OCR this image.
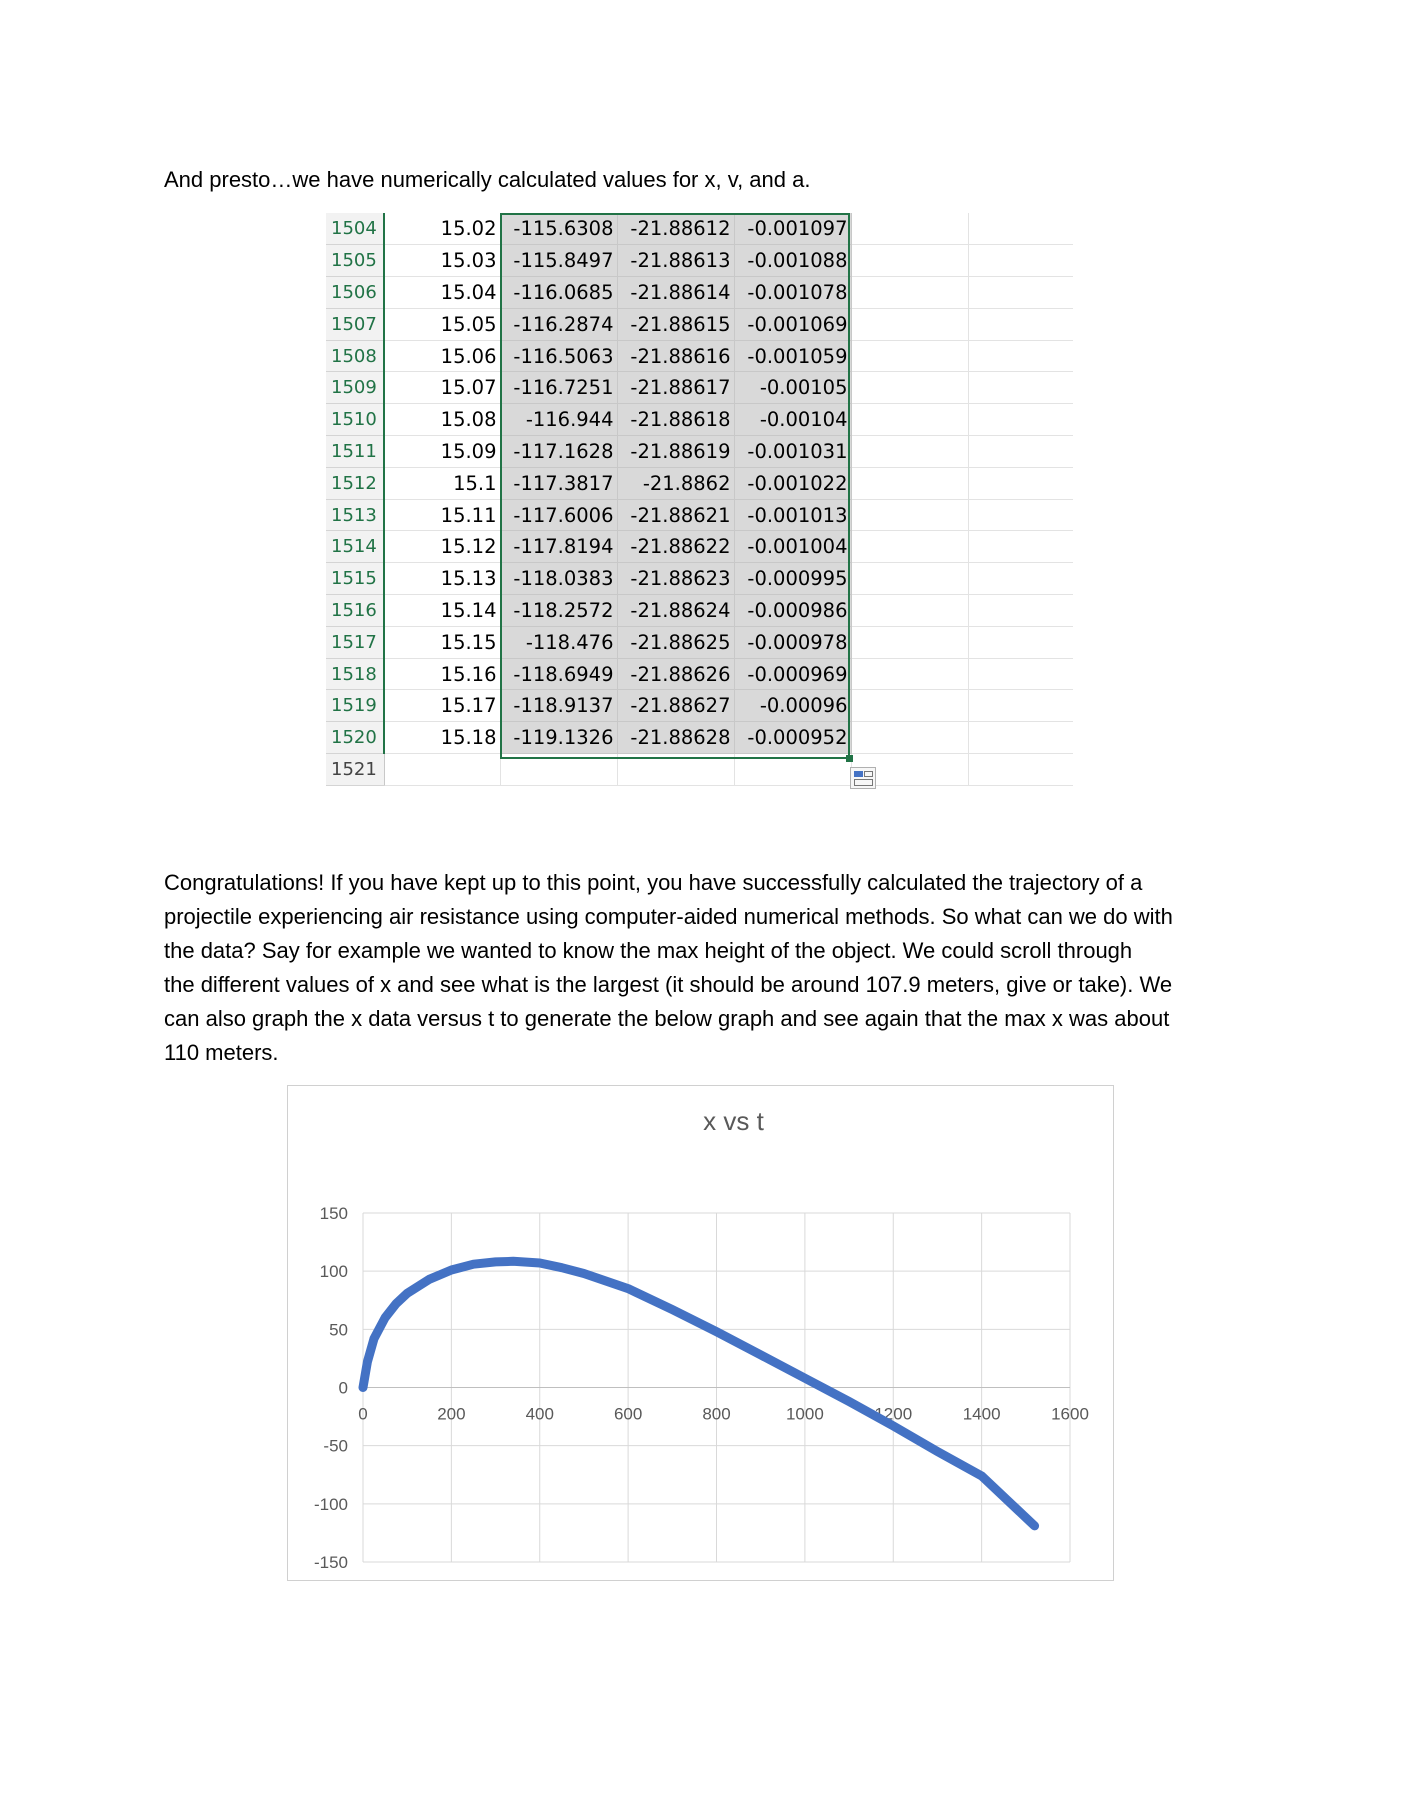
And presto…we have numerically calculated values for x, v, and a.
1504	15.02	-115.6308	-21.88612	-0.001097		
1505	15.03	-115.8497	-21.88613	-0.001088		
1506	15.04	-116.0685	-21.88614	-0.001078		
1507	15.05	-116.2874	-21.88615	-0.001069		
1508	15.06	-116.5063	-21.88616	-0.001059		
1509	15.07	-116.7251	-21.88617	-0.00105		
1510	15.08	-116.944	-21.88618	-0.00104		
1511	15.09	-117.1628	-21.88619	-0.001031		
1512	15.1	-117.3817	-21.8862	-0.001022		
1513	15.11	-117.6006	-21.88621	-0.001013		
1514	15.12	-117.8194	-21.88622	-0.001004		
1515	15.13	-118.0383	-21.88623	-0.000995		
1516	15.14	-118.2572	-21.88624	-0.000986		
1517	15.15	-118.476	-21.88625	-0.000978		
1518	15.16	-118.6949	-21.88626	-0.000969		
1519	15.17	-118.9137	-21.88627	-0.00096		
1520	15.18	-119.1326	-21.88628	-0.000952		
1521						
Congratulations! If you have kept up to this point, you have successfully calculated the trajectory of a
projectile experiencing air resistance using computer-aided numerical methods. So what can we do with
the data? Say for example we wanted to know the max height of the object. We could scroll through
the different values of x and see what is the largest (it should be around 107.9 meters, give or take). We
can also graph the x data versus t to generate the below graph and see again that the max x was about
110 meters.
x vs t
150
100
50
0
-50
-100
-150
0	200	400	600	800	1000	1200	1400	1600
